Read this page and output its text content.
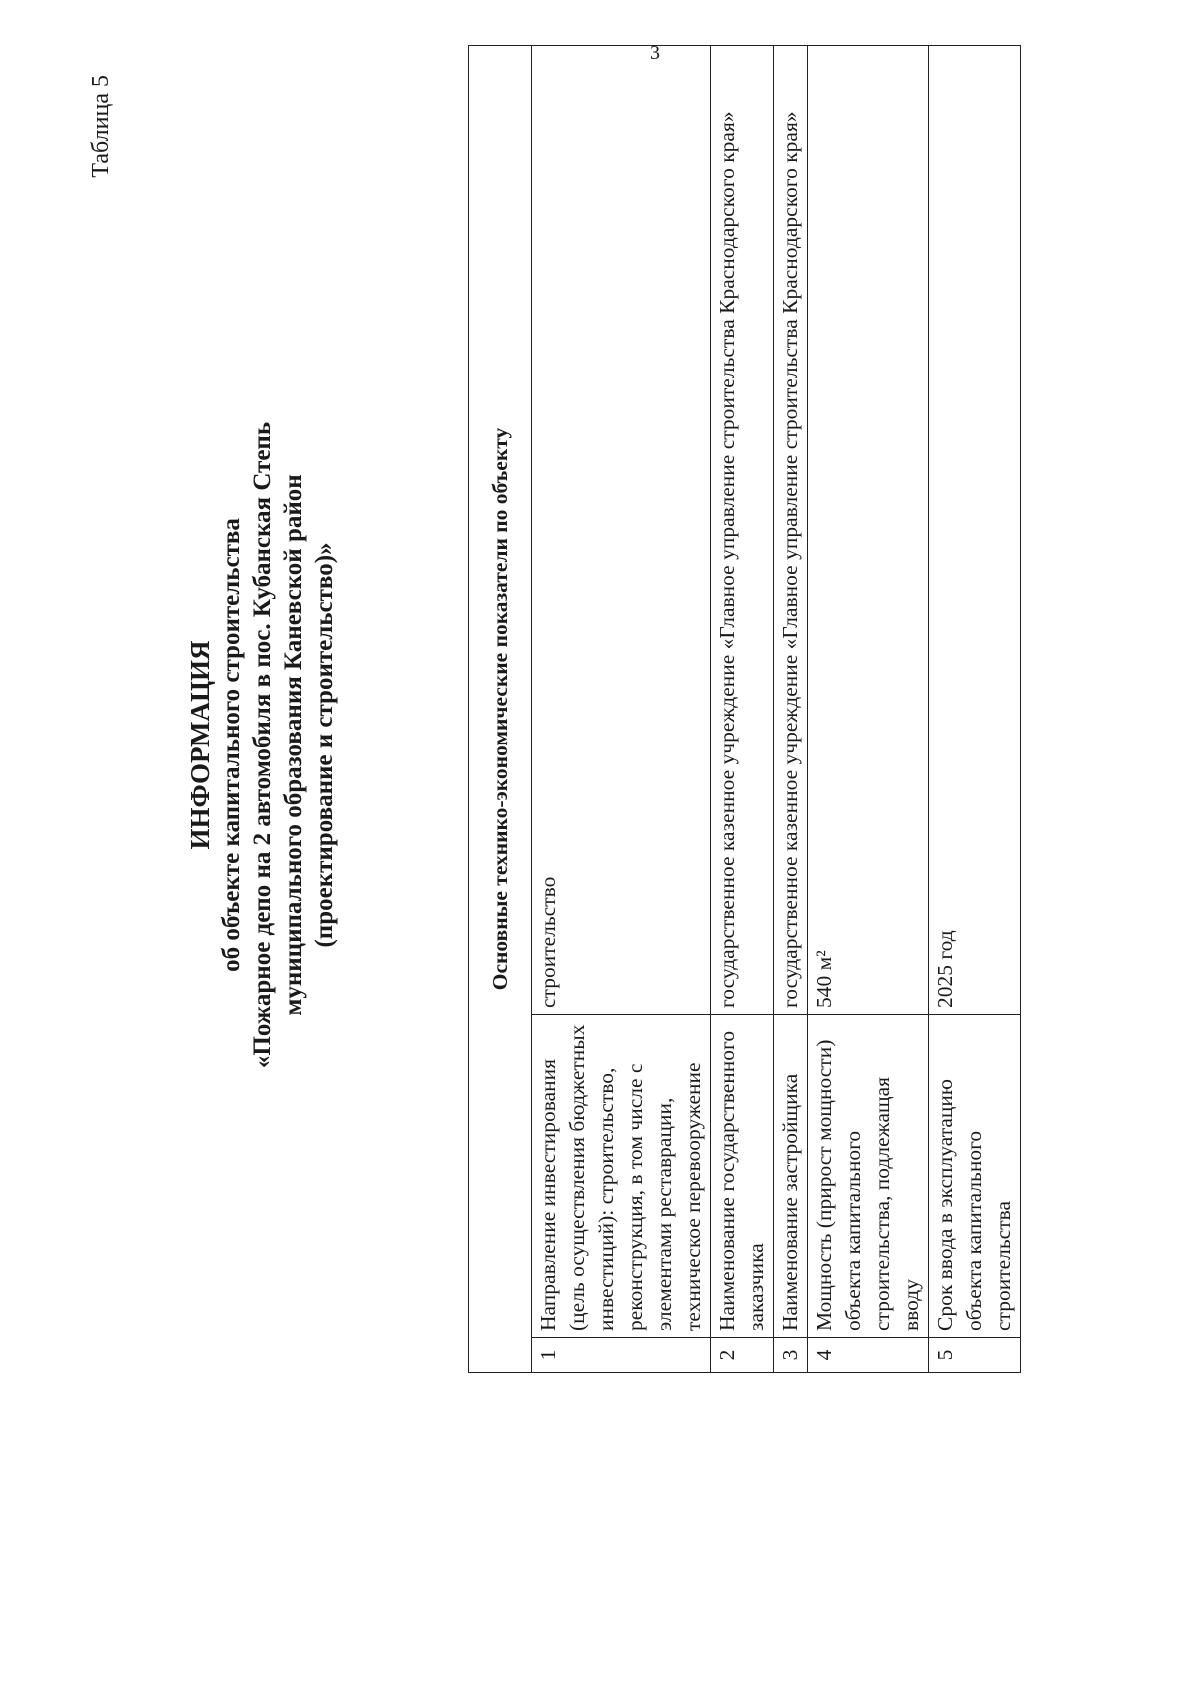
3
Таблица 5
ИНФОРМАЦИЯ об объекте капитального строительства «Пожарное депо на 2 автомобиля в пос. Кубанская Степь муниципального образования Каневской район (проектирование и строительство)»	Основные технико-экономические показатели по объекту		
1	Направление инвестирования (цель осуществления бюджетных инвестиций): строительство, реконструкция, в том числе с элементами реставрации, техническое перевооружение	строительство
2	Наименование государственного заказчика	государственное казенное учреждение «Главное управление строительства Краснодарского края»
3	Наименование застройщика	государственное казенное учреждение «Главное управление строительства Краснодарского края»
4	Мощность (прирост мощности) объекта капитального строительства, подлежащая вводу	540 м²
5	Срок ввода в эксплуатацию объекта капитального строительства	2025 год
